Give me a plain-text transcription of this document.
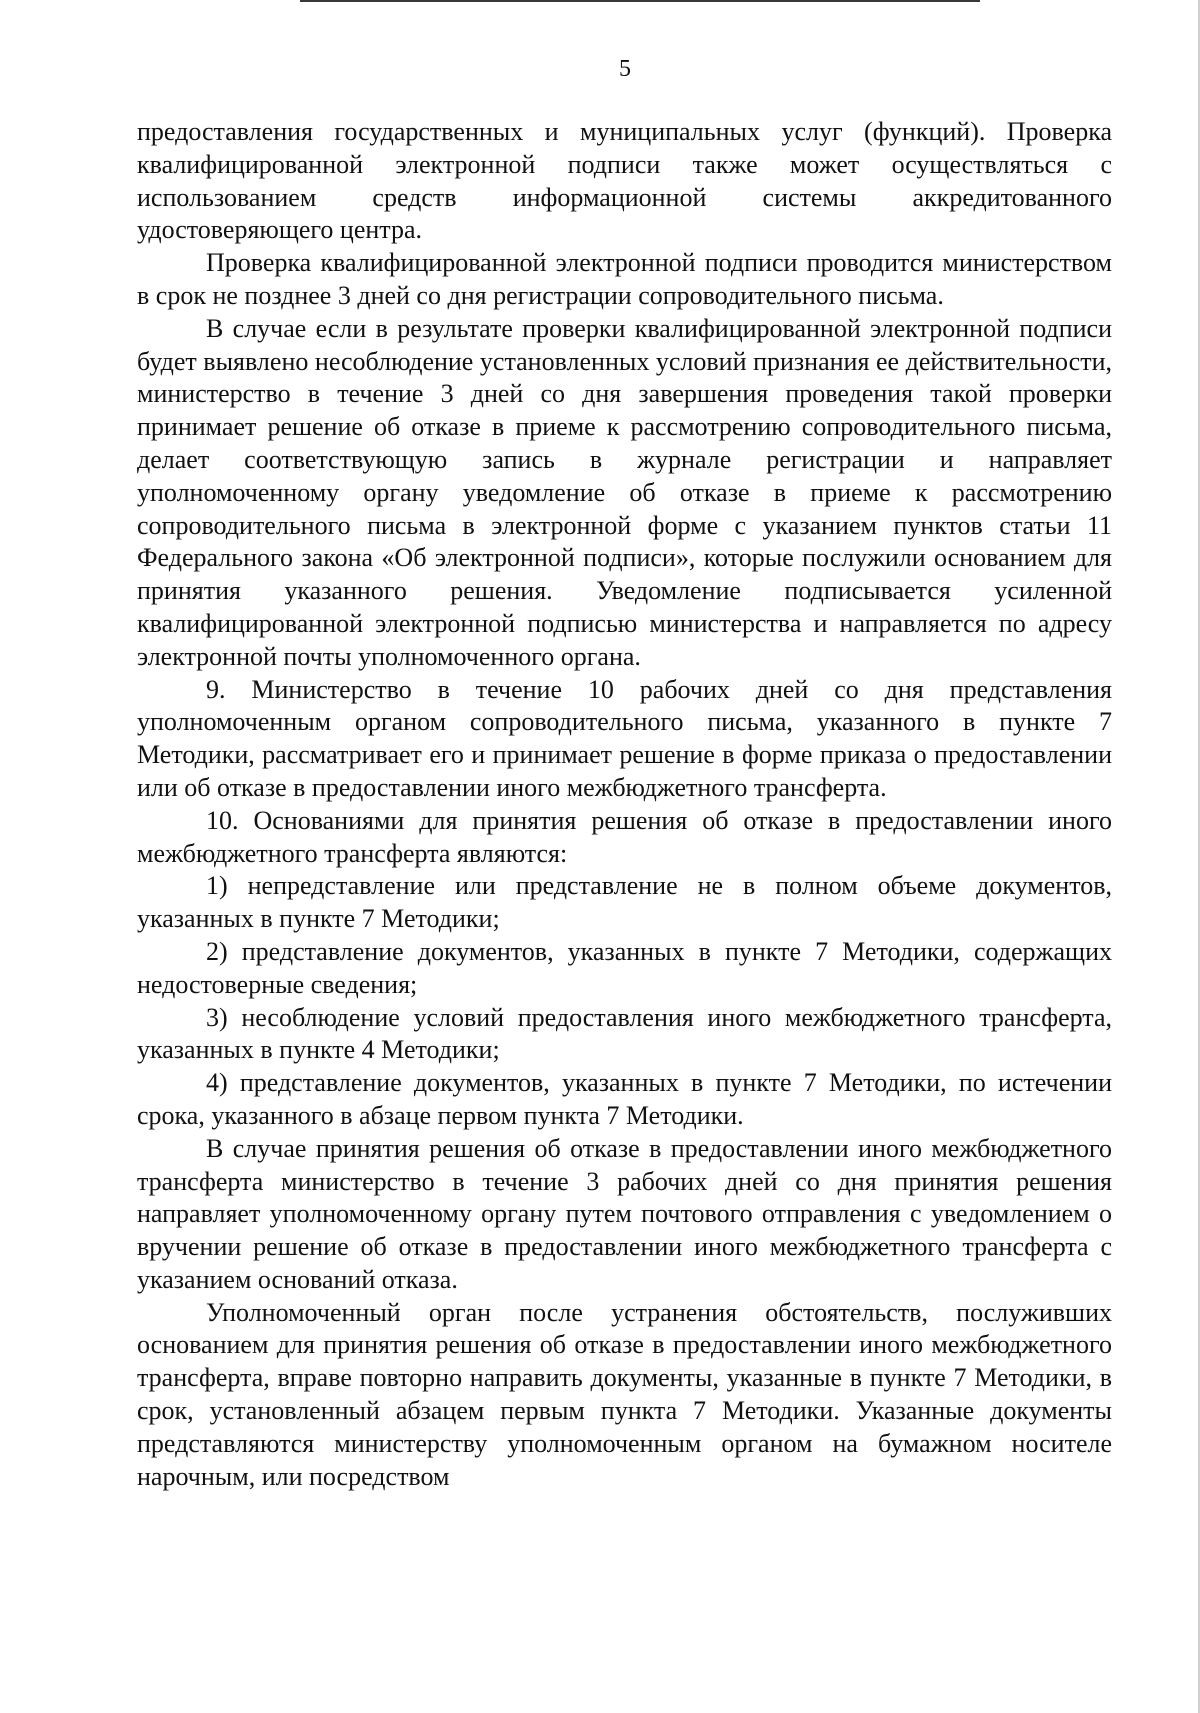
5

предоставления государственных и муниципальных услуг (функций). Проверка квалифицированной электронной подписи также может осуществляться с использованием средств информационной системы аккредитованного удостоверяющего центра.

Проверка квалифицированной электронной подписи проводится министерством в срок не позднее 3 дней со дня регистрации сопроводительного письма.

В случае если в результате проверки квалифицированной электронной подписи будет выявлено несоблюдение установленных условий признания ее действительности, министерство в течение 3 дней со дня завершения проведения такой проверки принимает решение об отказе в приеме к рассмотрению сопроводительного письма, делает соответствующую запись в журнале регистрации и направляет уполномоченному органу уведомление об отказе в приеме к рассмотрению сопроводительного письма в электронной форме с указанием пунктов статьи 11 Федерального закона «Об электронной подписи», которые послужили основанием для принятия указанного решения. Уведомление подписывается усиленной квалифицированной электронной подписью министерства и направляется по адресу электронной почты уполномоченного органа.

9. Министерство в течение 10 рабочих дней со дня представления уполномоченным органом сопроводительного письма, указанного в пункте 7 Методики, рассматривает его и принимает решение в форме приказа о предоставлении или об отказе в предоставлении иного межбюджетного трансферта.

10. Основаниями для принятия решения об отказе в предоставлении иного межбюджетного трансферта являются:

1) непредставление или представление не в полном объеме документов, указанных в пункте 7 Методики;

2) представление документов, указанных в пункте 7 Методики, содержащих недостоверные сведения;

3) несоблюдение условий предоставления иного межбюджетного трансферта, указанных в пункте 4 Методики;

4) представление документов, указанных в пункте 7 Методики, по истечении срока, указанного в абзаце первом пункта 7 Методики.

В случае принятия решения об отказе в предоставлении иного межбюджетного трансферта министерство в течение 3 рабочих дней со дня принятия решения направляет уполномоченному органу путем почтового отправления с уведомлением о вручении решение об отказе в предоставлении иного межбюджетного трансферта с указанием оснований отказа.

Уполномоченный орган после устранения обстоятельств, послуживших основанием для принятия решения об отказе в предоставлении иного межбюджетного трансферта, вправе повторно направить документы, указанные в пункте 7 Методики, в срок, установленный абзацем первым пункта 7 Методики. Указанные документы представляются министерству уполномоченным органом на бумажном носителе нарочным, или посредством
